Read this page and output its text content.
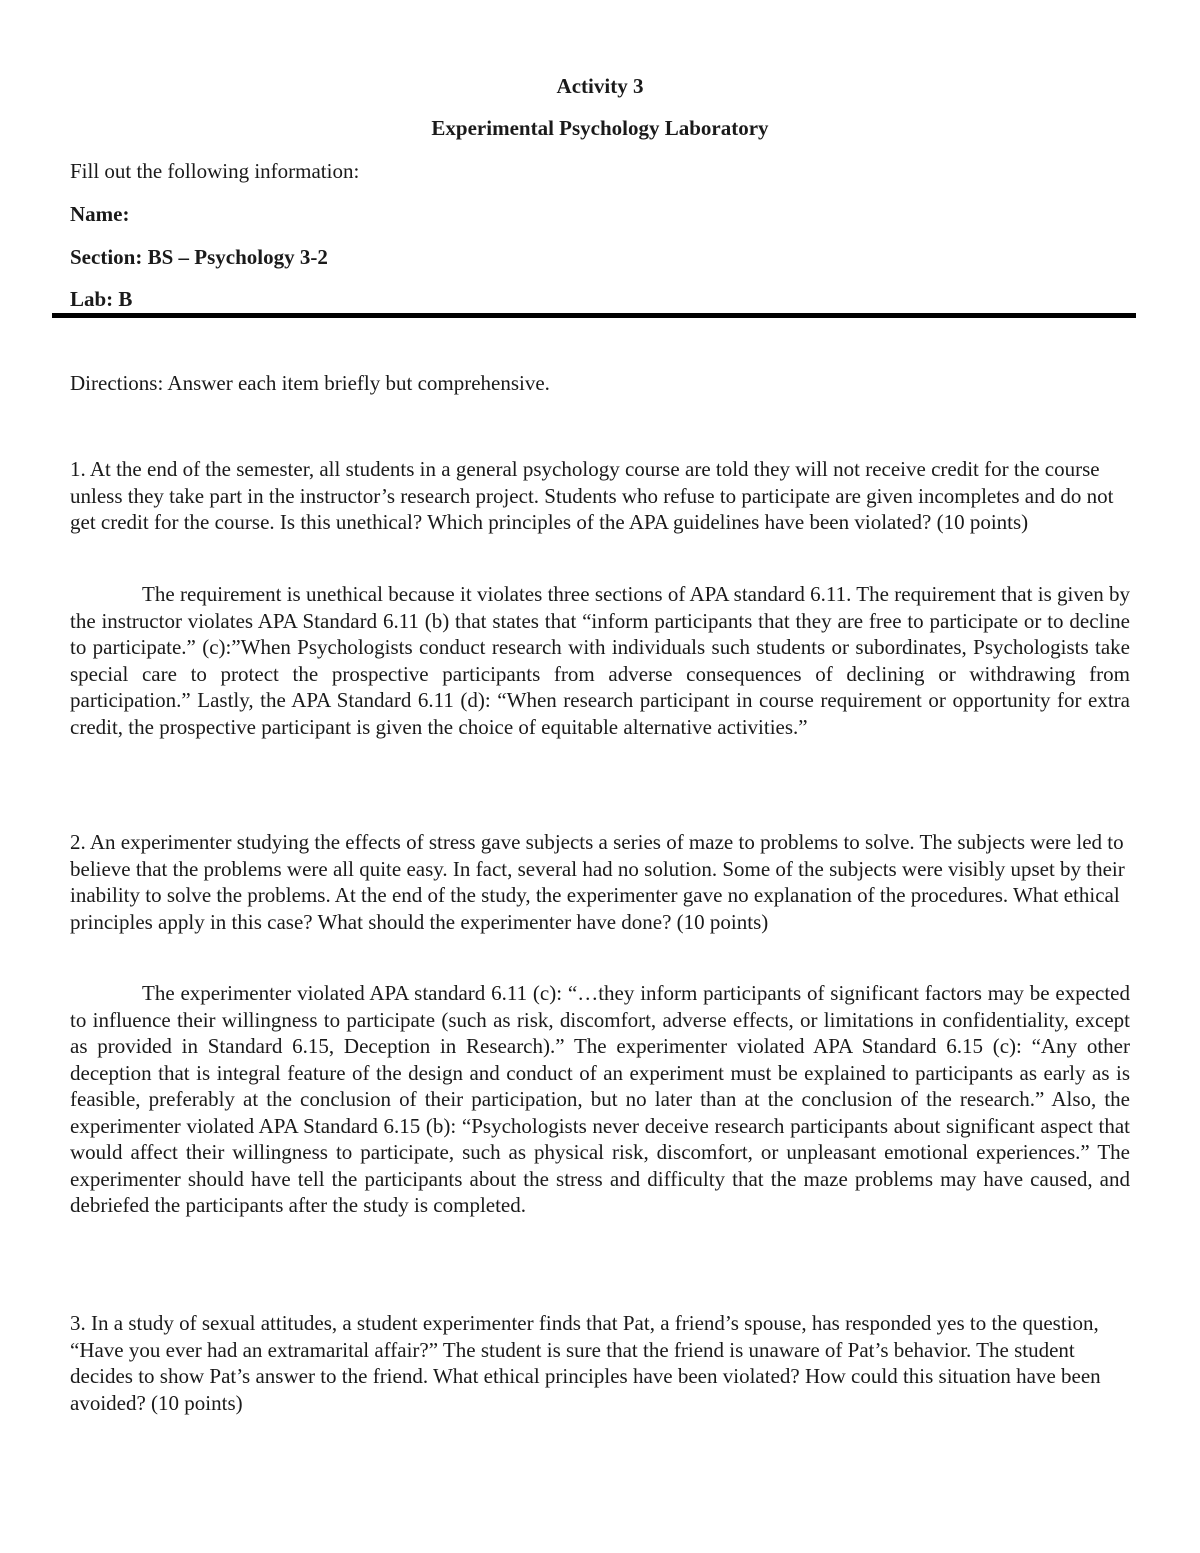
Activity 3
Experimental Psychology Laboratory
Fill out the following information:
Name:
Section: BS – Psychology 3-2
Lab: B
Directions: Answer each item briefly but comprehensive.

1. At the end of the semester, all students in a general psychology course are told they will not receive credit for the course unless they take part in the instructor’s research project. Students who refuse to participate are given incompletes and do not get credit for the course. Is this unethical? Which principles of the APA guidelines have been violated? (10 points)

The requirement is unethical because it violates three sections of APA standard 6.11. The requirement that is given by the instructor violates APA Standard 6.11 (b) that states that “inform participants that they are free to participate or to decline to participate.” (c):”When Psychologists conduct research with individuals such students or subordinates, Psychologists take special care to protect the prospective participants from adverse consequences of declining or withdrawing from participation.” Lastly, the APA Standard 6.11 (d): “When research participant in course requirement or opportunity for extra credit, the prospective participant is given the choice of equitable alternative activities.”

2. An experimenter studying the effects of stress gave subjects a series of maze to problems to solve. The subjects were led to believe that the problems were all quite easy. In fact, several had no solution. Some of the subjects were visibly upset by their inability to solve the problems. At the end of the study, the experimenter gave no explanation of the procedures. What ethical principles apply in this case? What should the experimenter have done? (10 points)

The experimenter violated APA standard 6.11 (c): “…they inform participants of significant factors may be expected to influence their willingness to participate (such as risk, discomfort, adverse effects, or limitations in confidentiality, except as provided in Standard 6.15, Deception in Research).” The experimenter violated APA Standard 6.15 (c): “Any other deception that is integral feature of the design and conduct of an experiment must be explained to participants as early as is feasible, preferably at the conclusion of their participation, but no later than at the conclusion of the research.” Also, the experimenter violated APA Standard 6.15 (b): “Psychologists never deceive research participants about significant aspect that would affect their willingness to participate, such as physical risk, discomfort, or unpleasant emotional experiences.” The experimenter should have tell the participants about the stress and difficulty that the maze problems may have caused, and debriefed the participants after the study is completed.

3. In a study of sexual attitudes, a student experimenter finds that Pat, a friend’s spouse, has responded yes to the question, “Have you ever had an extramarital affair?” The student is sure that the friend is unaware of Pat’s behavior. The student decides to show Pat’s answer to the friend. What ethical principles have been violated? How could this situation have been avoided? (10 points)
